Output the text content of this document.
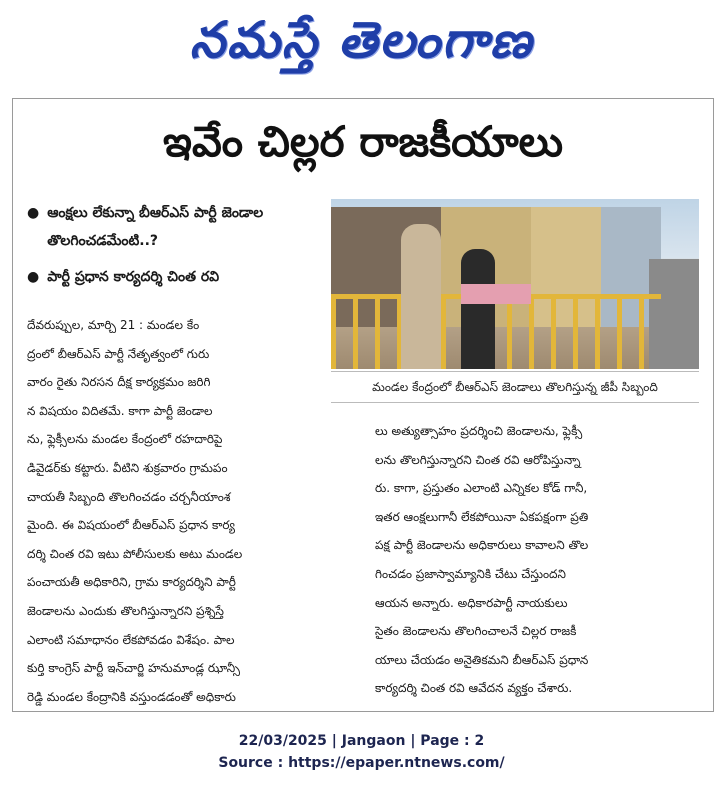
నమస్తే తెలంగాణ
ఇవేం చిల్లర రాజకీయాలు
● ఆంక్షలు లేకున్నా బీఆర్ఎస్ పార్టీ జెండాల తొలగించడమేంటి..?
● పార్టీ ప్రధాన కార్యదర్శి చింత రవి
మండల కేంద్రంలో బీఆర్ఎస్ జెండాలు తొలగిస్తున్న జీపీ సిబ్బంది
దేవరుప్పుల, మార్చి 21 : మండల కేం
ద్రంలో బీఆర్ఎస్ పార్టీ నేతృత్వంలో గురు
వారం రైతు నిరసన దీక్ష కార్యక్రమం జరిగి
న విషయం విదితమే. కాగా పార్టీ జెండాల
ను, ఫ్లెక్సీలను మండల కేంద్రంలో రహదారిపై
డివైడర్‌కు కట్టారు. వీటిని శుక్రవారం గ్రామపం
చాయతీ సిబ్బంది తొలగించడం చర్చనీయాంశ
మైంది. ఈ విషయంలో బీఆర్ఎస్ ప్రధాన కార్య
దర్శి చింత రవి ఇటు పోలీసులకు అటు మండల
పంచాయతీ అధికారిని, గ్రామ కార్యదర్శిని పార్టీ
జెండాలను ఎందుకు తొలగిస్తున్నారని ప్రశ్నిస్తే
ఎలాంటి సమాధానం లేకపోవడం విశేషం. పాల
కుర్తి కాంగ్రెస్ పార్టీ ఇన్‌చార్జి హనుమాండ్ల ఝాన్సీ
రెడ్డి మండల కేంద్రానికి వస్తుండడంతో అధికారు
లు అత్యుత్సాహం ప్రదర్శించి జెండాలను, ఫ్లెక్సీ
లను తొలగిస్తున్నారని చింత రవి ఆరోపిస్తున్నా
రు. కాగా, ప్రస్తుతం ఎలాంటి ఎన్నికల కోడ్ గానీ,
ఇతర ఆంక్షలుగానీ లేకపోయినా ఏకపక్షంగా ప్రతి
పక్ష పార్టీ జెండాలను అధికారులు కావాలని తొల
గించడం ప్రజాస్వామ్యానికి చేటు చేస్తుందని
ఆయన అన్నారు. అధికారపార్టీ నాయకులు
సైతం జెండాలను తొలగించాలనే చిల్లర రాజకీ
యాలు చేయడం అనైతికమని బీఆర్ఎస్ ప్రధాన
కార్యదర్శి చింత రవి ఆవేదన వ్యక్తం చేశారు.
22/03/2025 | Jangaon | Page : 2
Source : https://epaper.ntnews.com/
